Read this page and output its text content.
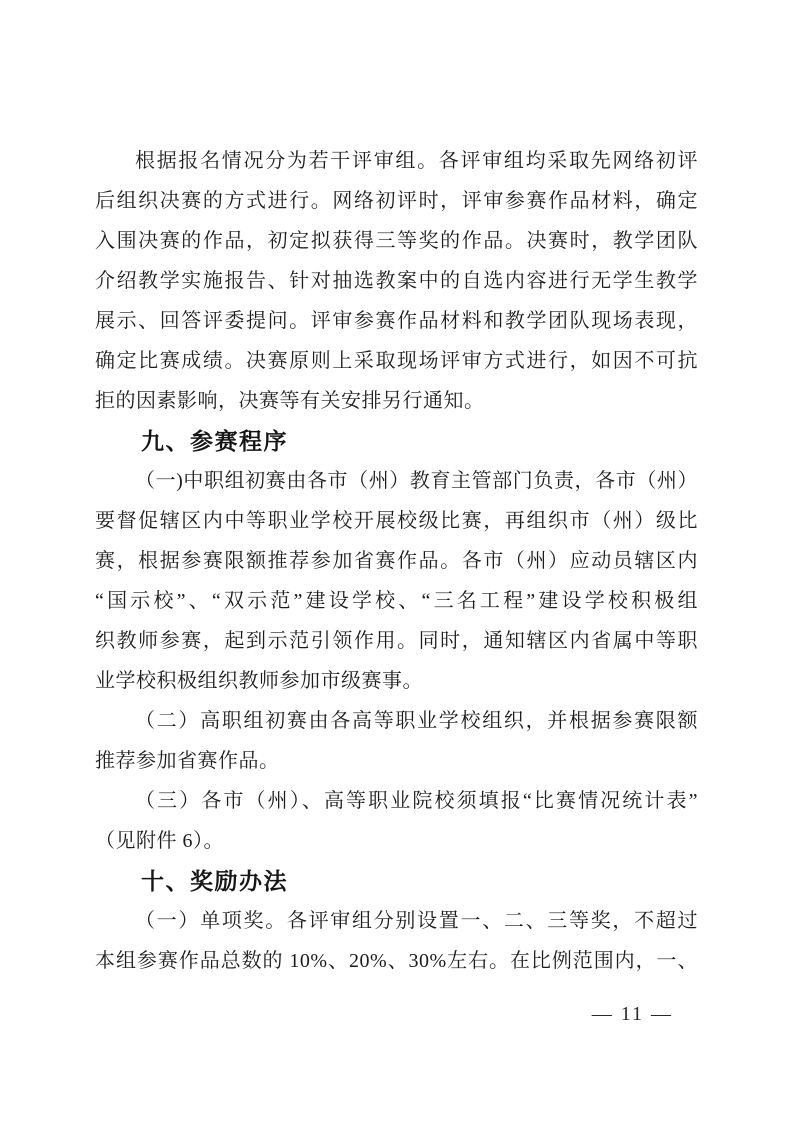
根据报名情况分为若干评审组。各评审组均采取先网络初评
后组织决赛的方式进行。网络初评时，评审参赛作品材料，确定
入围决赛的作品，初定拟获得三等奖的作品。决赛时，教学团队
介绍教学实施报告、针对抽选教案中的自选内容进行无学生教学
展示、回答评委提问。评审参赛作品材料和教学团队现场表现，
确定比赛成绩。决赛原则上采取现场评审方式进行，如因不可抗
拒的因素影响，决赛等有关安排另行通知。
九、参赛程序
（一)中职组初赛由各市（州）教育主管部门负责，各市（州）
要督促辖区内中等职业学校开展校级比赛，再组织市（州）级比
赛，根据参赛限额推荐参加省赛作品。各市（州）应动员辖区内
“国示校”、“双示范”建设学校、“三名工程”建设学校积极组
织教师参赛，起到示范引领作用。同时，通知辖区内省属中等职
业学校积极组织教师参加市级赛事。
（二）高职组初赛由各高等职业学校组织，并根据参赛限额
推荐参加省赛作品。
（三）各市（州）、高等职业院校须填报“比赛情况统计表”
（见附件 6）。
十、奖励办法
（一）单项奖。各评审组分别设置一、二、三等奖，不超过
本组参赛作品总数的 10%、20%、30%左右。在比例范围内，一、
— 11 —
